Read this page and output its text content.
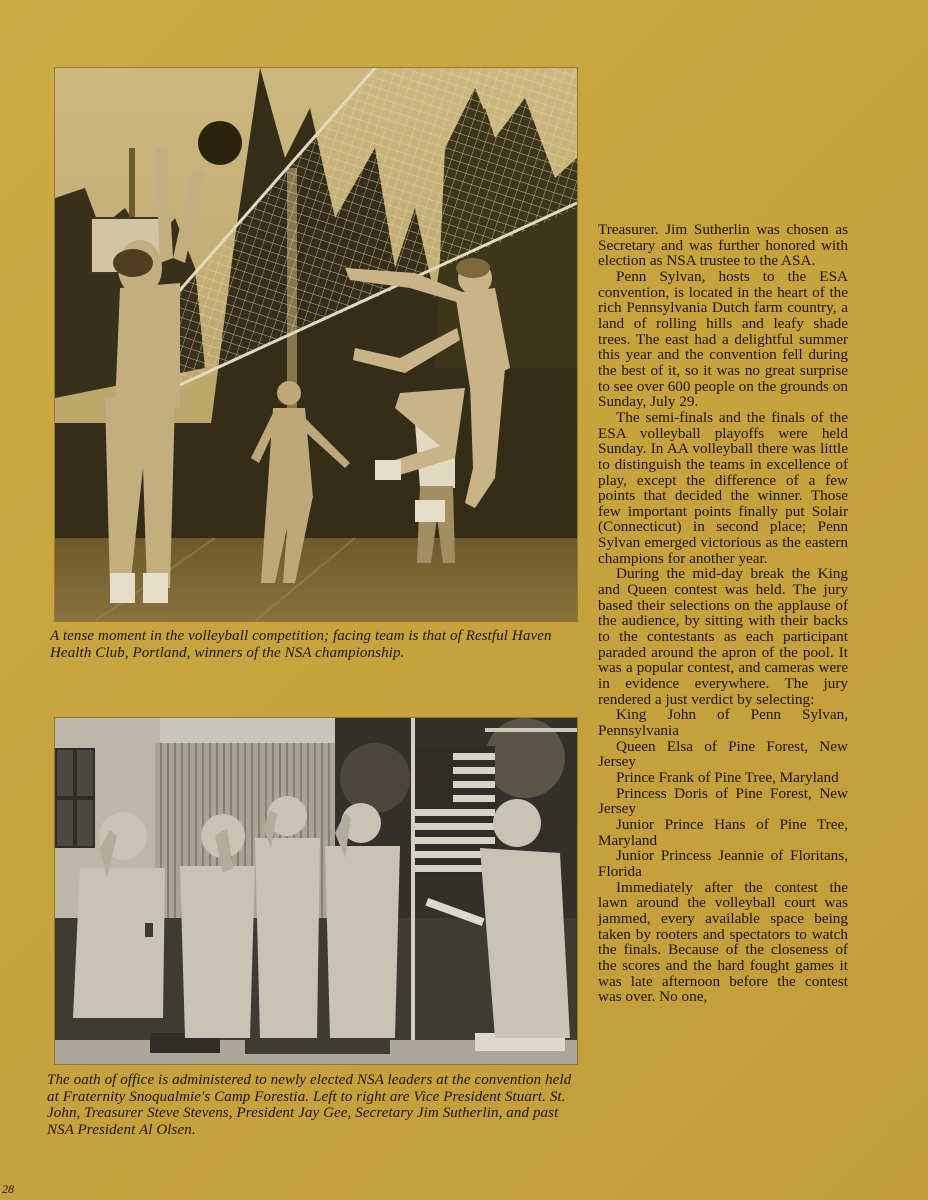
A tense moment in the volleyball competition; facing team is that of Restful Haven Health Club, Portland, winners of the NSA championship.
The oath of office is administered to newly elected NSA leaders at the convention held at Fraternity Snoqualmie's Camp Forestia. Left to right are Vice President Stuart. St. John, Treasurer Steve Stevens, President Jay Gee, Secretary Jim Sutherlin, and past NSA President Al Olsen.

Treasurer. Jim Sutherlin was chosen as Secretary and was further honored with election as NSA trustee to the ASA.

Penn Sylvan, hosts to the ESA convention, is located in the heart of the rich Pennsylvania Dutch farm country, a land of rolling hills and leafy shade trees. The east had a delightful summer this year and the convention fell during the best of it, so it was no great surprise to see over 600 people on the grounds on Sunday, July 29.

The semi-finals and the finals of the ESA volleyball playoffs were held Sunday. In AA volleyball there was little to distinguish the teams in excellence of play, except the difference of a few points that decided the winner. Those few important points finally put Solair (Connecticut) in second place; Penn Sylvan emerged victorious as the eastern champions for another year.

During the mid-day break the King and Queen contest was held. The jury based their selections on the applause of the audience, by sitting with their backs to the contestants as each participant paraded around the apron of the pool. It was a popular contest, and cameras were in evidence everywhere. The jury rendered a just verdict by selecting:

King John of Penn Sylvan, Pennsylvania

Queen Elsa of Pine Forest, New Jersey

Prince Frank of Pine Tree, Maryland

Princess Doris of Pine Forest, New Jersey

Junior Prince Hans of Pine Tree, Maryland

Junior Princess Jeannie of Floritans, Florida

Immediately after the contest the lawn around the volleyball court was jammed, every available space being taken by rooters and spectators to watch the finals. Because of the closeness of the scores and the hard fought games it was late afternoon before the contest was over. No one,

28
